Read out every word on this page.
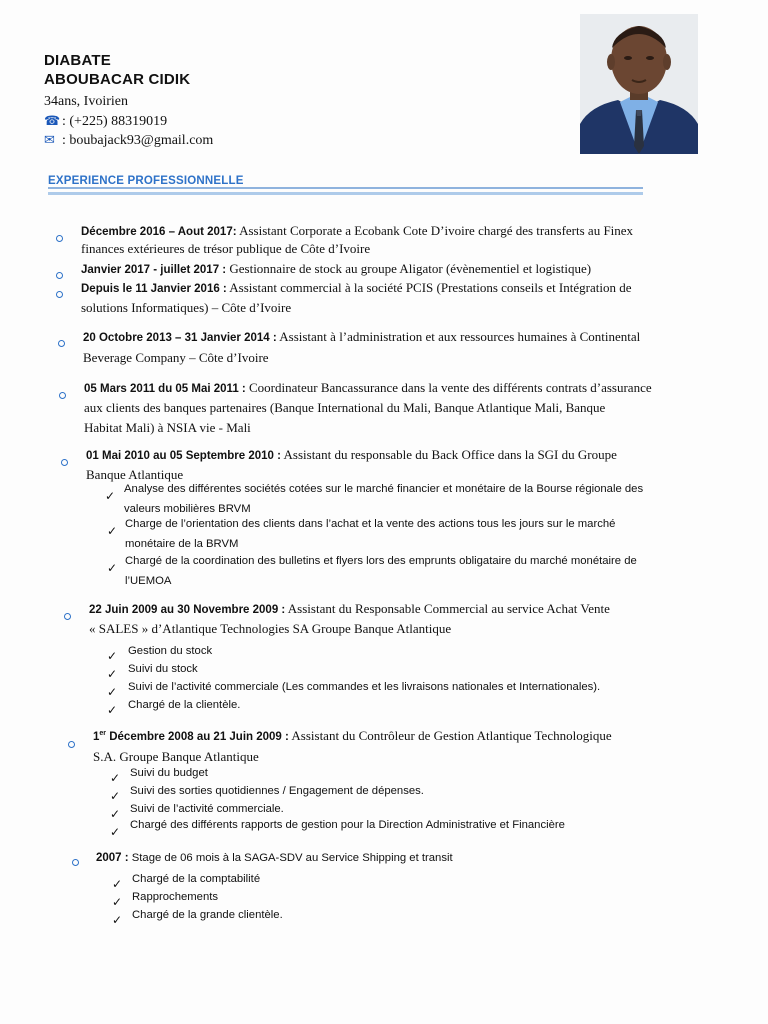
DIABATE
ABOUBACAR CIDIK
34ans, Ivoirien
☎ : (+225) 88319019
✉ : boubajack93@gmail.com
EXPERIENCE PROFESSIONNELLE
Décembre 2016 – Aout 2017: Assistant Corporate a Ecobank Cote D’ivoire chargé des transferts au Finex
finances extérieures de trésor publique de Côte d’Ivoire
Janvier 2017 - juillet 2017 : Gestionnaire de stock au groupe Aligator (évènementiel et logistique)
Depuis le 11 Janvier 2016 : Assistant commercial à la société PCIS (Prestations conseils et Intégration de
solutions Informatiques) – Côte d’Ivoire
20 Octobre 2013 – 31 Janvier 2014 : Assistant à l’administration et aux ressources humaines à Continental
Beverage Company – Côte d’Ivoire
05 Mars 2011 du 05 Mai 2011 : Coordinateur Bancassurance dans la vente des différents contrats d’assurance
aux clients des banques partenaires (Banque International du Mali, Banque Atlantique Mali, Banque
Habitat Mali) à NSIA vie - Mali
01 Mai 2010 au 05 Septembre 2010 : Assistant du responsable du Back Office dans la SGI du Groupe
Banque Atlantique
✓ Analyse des différentes sociétés cotées sur le marché financier et monétaire de la Bourse régionale des
valeurs mobilières BRVM
✓ Charge de l’orientation des clients dans l’achat et la vente des actions tous les jours sur le marché
monétaire de la BRVM
✓ Chargé de la coordination des bulletins et flyers lors des emprunts obligataire du marché monétaire de
l’UEMOA
22 Juin 2009 au 30 Novembre 2009 : Assistant du Responsable Commercial au service Achat Vente
« SALES » d’Atlantique Technologies SA Groupe Banque Atlantique
✓ Gestion du stock
✓ Suivi du stock
✓ Suivi de l’activité commerciale (Les commandes et les livraisons nationales et Internationales).
✓ Chargé de la clientèle.
1er Décembre 2008 au 21 Juin 2009 : Assistant du Contrôleur de Gestion Atlantique Technologique
S.A. Groupe Banque Atlantique
✓ Suivi du budget
✓ Suivi des sorties quotidiennes / Engagement de dépenses.
✓ Suivi de l’activité commerciale.
✓ Chargé des différents rapports de gestion pour la Direction Administrative et Financière
2007 : Stage de 06 mois à la SAGA-SDV au Service Shipping et transit
✓ Chargé de la comptabilité
✓ Rapprochements
✓ Chargé de la grande clientèle.
